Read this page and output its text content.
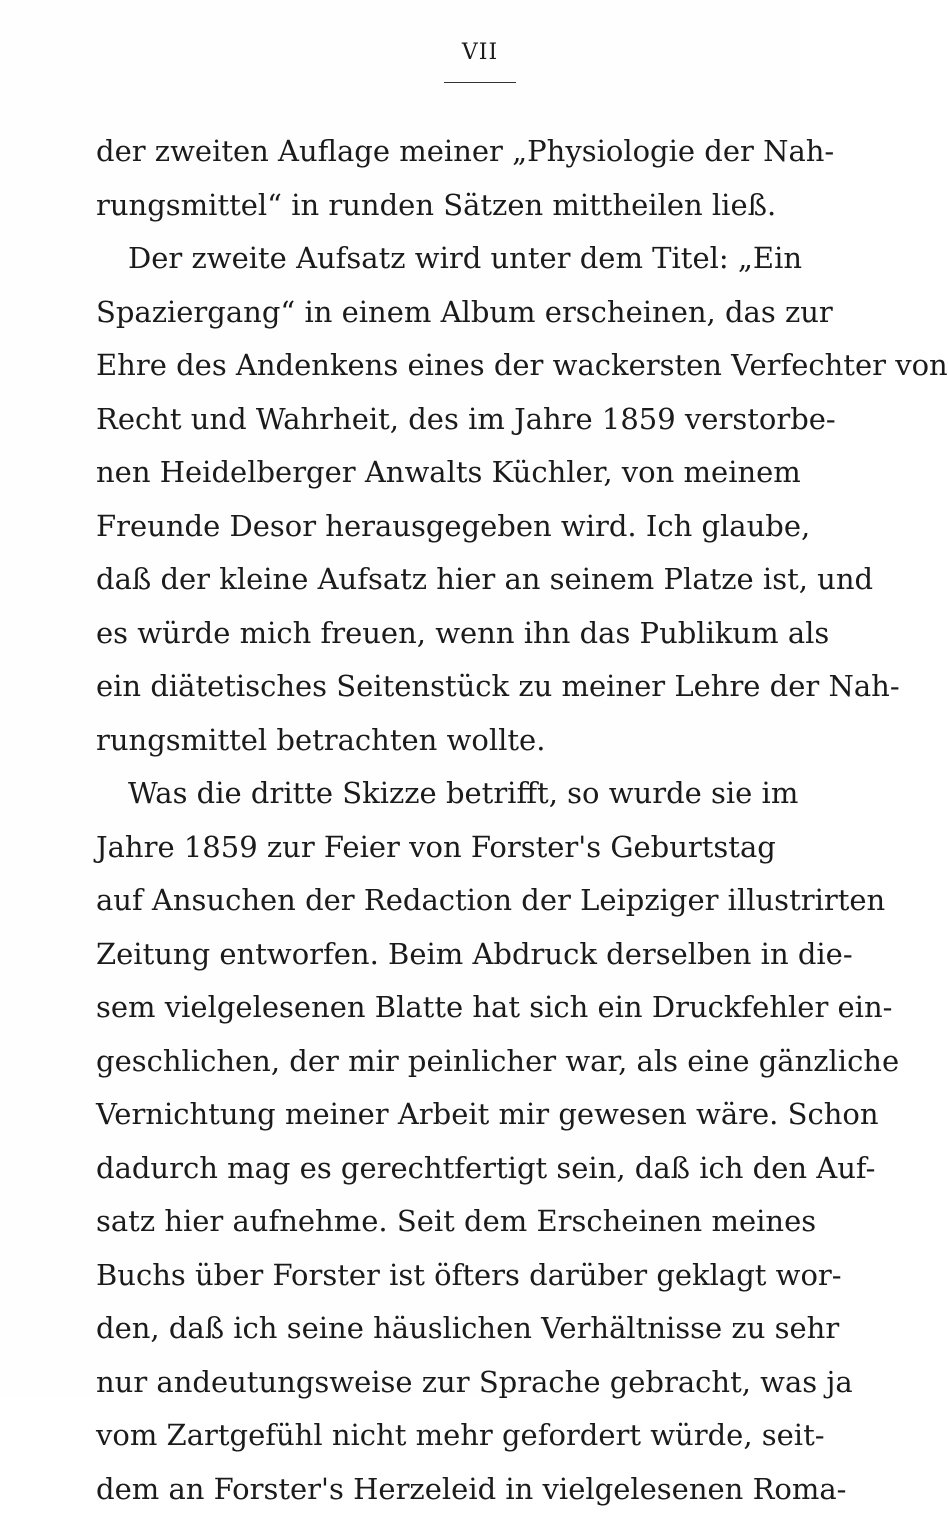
VII
der zweiten Auflage meiner „Physiologie der Nah-
rungsmittel“ in runden Sätzen mittheilen ließ.
Der zweite Aufsatz wird unter dem Titel: „Ein
Spaziergang“ in einem Album erscheinen, das zur
Ehre des Andenkens eines der wackersten Verfechter von
Recht und Wahrheit, des im Jahre 1859 verstorbe-
nen Heidelberger Anwalts Küchler, von meinem
Freunde Desor herausgegeben wird. Ich glaube,
daß der kleine Aufsatz hier an seinem Platze ist, und
es würde mich freuen, wenn ihn das Publikum als
ein diätetisches Seitenstück zu meiner Lehre der Nah-
rungsmittel betrachten wollte.
Was die dritte Skizze betrifft, so wurde sie im
Jahre 1859 zur Feier von Forster's Geburtstag
auf Ansuchen der Redaction der Leipziger illustrirten
Zeitung entworfen. Beim Abdruck derselben in die-
sem vielgelesenen Blatte hat sich ein Druckfehler ein-
geschlichen, der mir peinlicher war, als eine gänzliche
Vernichtung meiner Arbeit mir gewesen wäre. Schon
dadurch mag es gerechtfertigt sein, daß ich den Auf-
satz hier aufnehme. Seit dem Erscheinen meines
Buchs über Forster ist öfters darüber geklagt wor-
den, daß ich seine häuslichen Verhältnisse zu sehr
nur andeutungsweise zur Sprache gebracht, was ja
vom Zartgefühl nicht mehr gefordert würde, seit-
dem an Forster's Herzeleid in vielgelesenen Roma-
